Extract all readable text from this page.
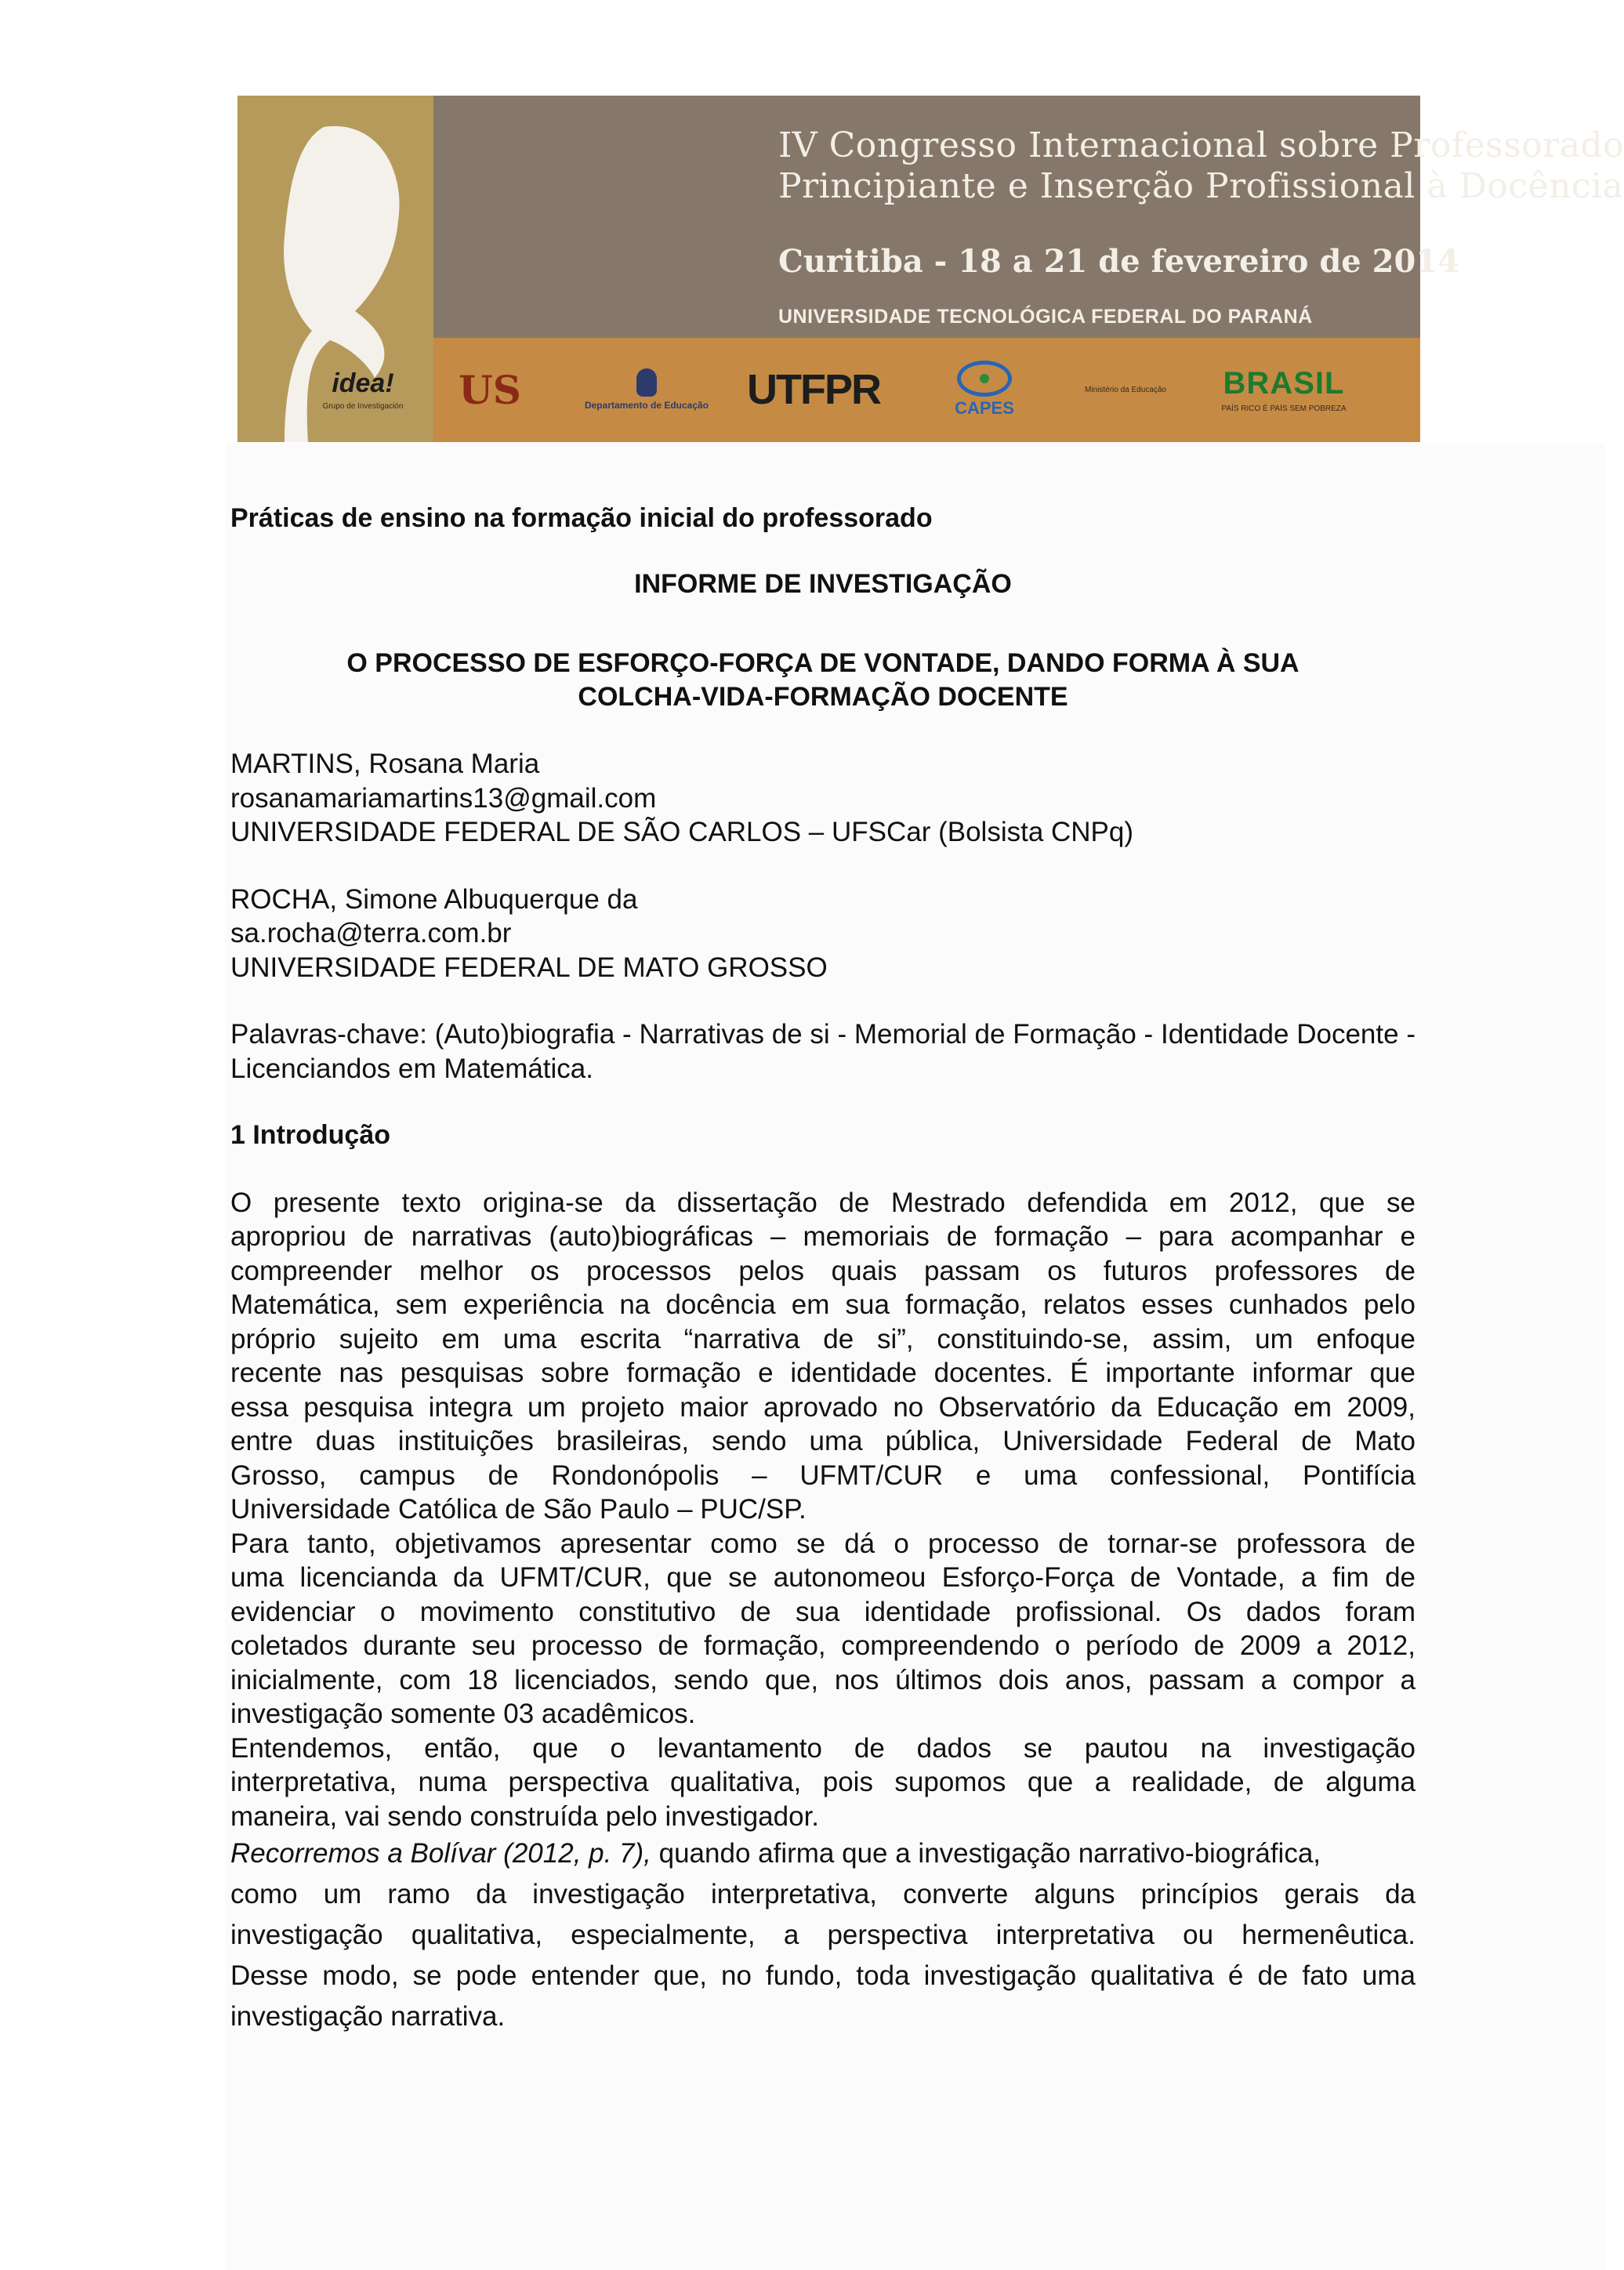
IV Congresso Internacional sobre Professorado
Principiante e Inserção Profissional à Docência
Curitiba - 18 a 21 de fevereiro de 2014
UNIVERSIDADE TECNOLÓGICA FEDERAL DO PARANÁ
idea!
Grupo de Investigación US	Departamento de Educação UTFPR	CAPES
Ministério da Educação BRASIL
PAÍS RICO É PAÍS SEM POBREZA

Práticas de ensino na formação inicial do professorado

INFORME DE INVESTIGAÇÃO

O PROCESSO DE ESFORÇO-FORÇA DE VONTADE, DANDO FORMA À SUA
COLCHA-VIDA-FORMAÇÃO DOCENTE

MARTINS, Rosana Maria
rosanamariamartins13@gmail.com
UNIVERSIDADE FEDERAL DE SÃO CARLOS – UFSCar (Bolsista CNPq)
ROCHA, Simone Albuquerque da
sa.rocha@terra.com.br
UNIVERSIDADE FEDERAL DE MATO GROSSO
Palavras-chave: (Auto)biografia - Narrativas de si - Memorial de Formação - Identidade Docente - Licenciandos em Matemática.
1 Introdução
O presente texto origina-se da dissertação de Mestrado defendida em 2012, que se
apropriou de narrativas (auto)biográficas – memoriais de formação – para acompanhar e
compreender melhor os processos pelos quais passam os futuros professores de
Matemática, sem experiência na docência em sua formação, relatos esses cunhados pelo
próprio sujeito em uma escrita “narrativa de si”, constituindo-se, assim, um enfoque
recente nas pesquisas sobre formação e identidade docentes. É importante informar que
essa pesquisa integra um projeto maior aprovado no Observatório da Educação em 2009,
entre duas instituições brasileiras, sendo uma pública, Universidade Federal de Mato
Grosso, campus de Rondonópolis – UFMT/CUR e uma confessional, Pontifícia
Universidade Católica de São Paulo – PUC/SP.
Para tanto, objetivamos apresentar como se dá o processo de tornar-se professora de
uma licencianda da UFMT/CUR, que se autonomeou Esforço-Força de Vontade, a fim de
evidenciar o movimento constitutivo de sua identidade profissional. Os dados foram
coletados durante seu processo de formação, compreendendo o período de 2009 a 2012,
inicialmente, com 18 licenciados, sendo que, nos últimos dois anos, passam a compor a
investigação somente 03 acadêmicos.
Entendemos, então, que o levantamento de dados se pautou na investigação
interpretativa, numa perspectiva qualitativa, pois supomos que a realidade, de alguma
maneira, vai sendo construída pelo investigador.
Recorremos a Bolívar (2012, p. 7), quando afirma que a investigação narrativo-biográfica,
como um ramo da investigação interpretativa, converte alguns princípios gerais da
investigação qualitativa, especialmente, a perspectiva interpretativa ou hermenêutica.
Desse modo, se pode entender que, no fundo, toda investigação qualitativa é de fato uma
investigação narrativa.
